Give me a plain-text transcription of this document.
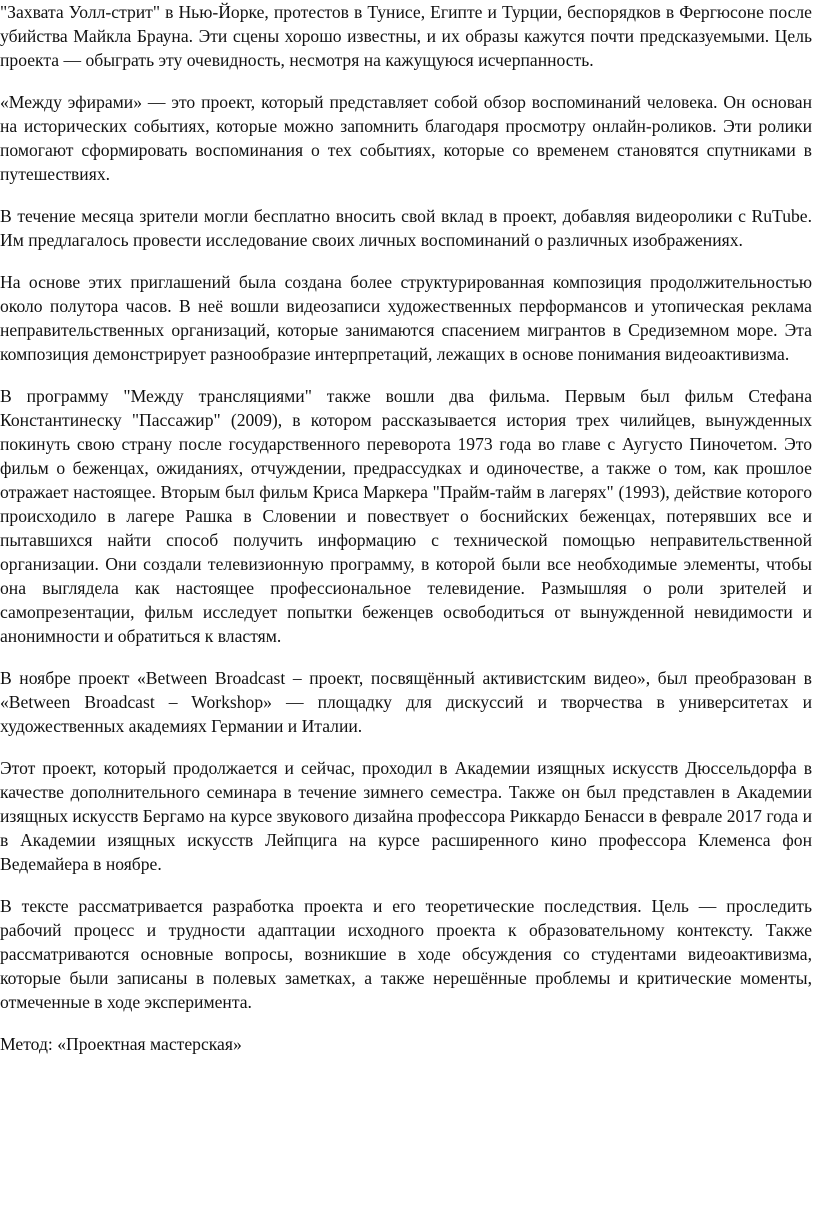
"Захвата Уолл-стрит" в Нью-Йорке, протестов в Тунисе, Египте и Турции, беспорядков в Фергюсоне после убийства Майкла Брауна. Эти сцены хорошо известны, и их образы кажутся почти предсказуемыми. Цель проекта — обыграть эту очевидность, несмотря на кажущуюся исчерпанность.

«Между эфирами» — это проект, который представляет собой обзор воспоминаний человека. Он основан на исторических событиях, которые можно запомнить благодаря просмотру онлайн-роликов. Эти ролики помогают сформировать воспоминания о тех событиях, которые со временем становятся спутниками в путешествиях.

В течение месяца зрители могли бесплатно вносить свой вклад в проект, добавляя видеоролики с RuTube. Им предлагалось провести исследование своих личных воспоминаний о различных изображениях.

На основе этих приглашений была создана более структурированная композиция продолжительностью около полутора часов. В неё вошли видеозаписи художественных перформансов и утопическая реклама неправительственных организаций, которые занимаются спасением мигрантов в Средиземном море. Эта композиция демонстрирует разнообразие интерпретаций, лежащих в основе понимания видеоактивизма.

В программу "Между трансляциями" также вошли два фильма. Первым был фильм Стефана Константинеску "Пассажир" (2009), в котором рассказывается история трех чилийцев, вынужденных покинуть свою страну после государственного переворота 1973 года во главе с Аугусто Пиночетом. Это фильм о беженцах, ожиданиях, отчуждении, предрассудках и одиночестве, а также о том, как прошлое отражает настоящее. Вторым был фильм Криса Маркера "Прайм-тайм в лагерях" (1993), действие которого происходило в лагере Рашка в Словении и повествует о боснийских беженцах, потерявших все и пытавшихся найти способ получить информацию с технической помощью неправительственной организации. Они создали телевизионную программу, в которой были все необходимые элементы, чтобы она выглядела как настоящее профессиональное телевидение. Размышляя о роли зрителей и самопрезентации, фильм исследует попытки беженцев освободиться от вынужденной невидимости и анонимности и обратиться к властям.

В ноябре проект «Between Broadcast – проект, посвящённый активистским видео», был преобразован в «Between Broadcast – Workshop» — площадку для дискуссий и творчества в университетах и художественных академиях Германии и Италии.

Этот проект, который продолжается и сейчас, проходил в Академии изящных искусств Дюссельдорфа в качестве дополнительного семинара в течение зимнего семестра. Также он был представлен в Академии изящных искусств Бергамо на курсе звукового дизайна профессора Риккардо Бенасси в феврале 2017 года и в Академии изящных искусств Лейпцига на курсе расширенного кино профессора Клеменса фон Ведемайера в ноябре.

В тексте рассматривается разработка проекта и его теоретические последствия. Цель — проследить рабочий процесс и трудности адаптации исходного проекта к образовательному контексту. Также рассматриваются основные вопросы, возникшие в ходе обсуждения со студентами видеоактивизма, которые были записаны в полевых заметках, а также нерешённые проблемы и критические моменты, отмеченные в ходе эксперимента.

Метод: «Проектная мастерская»
